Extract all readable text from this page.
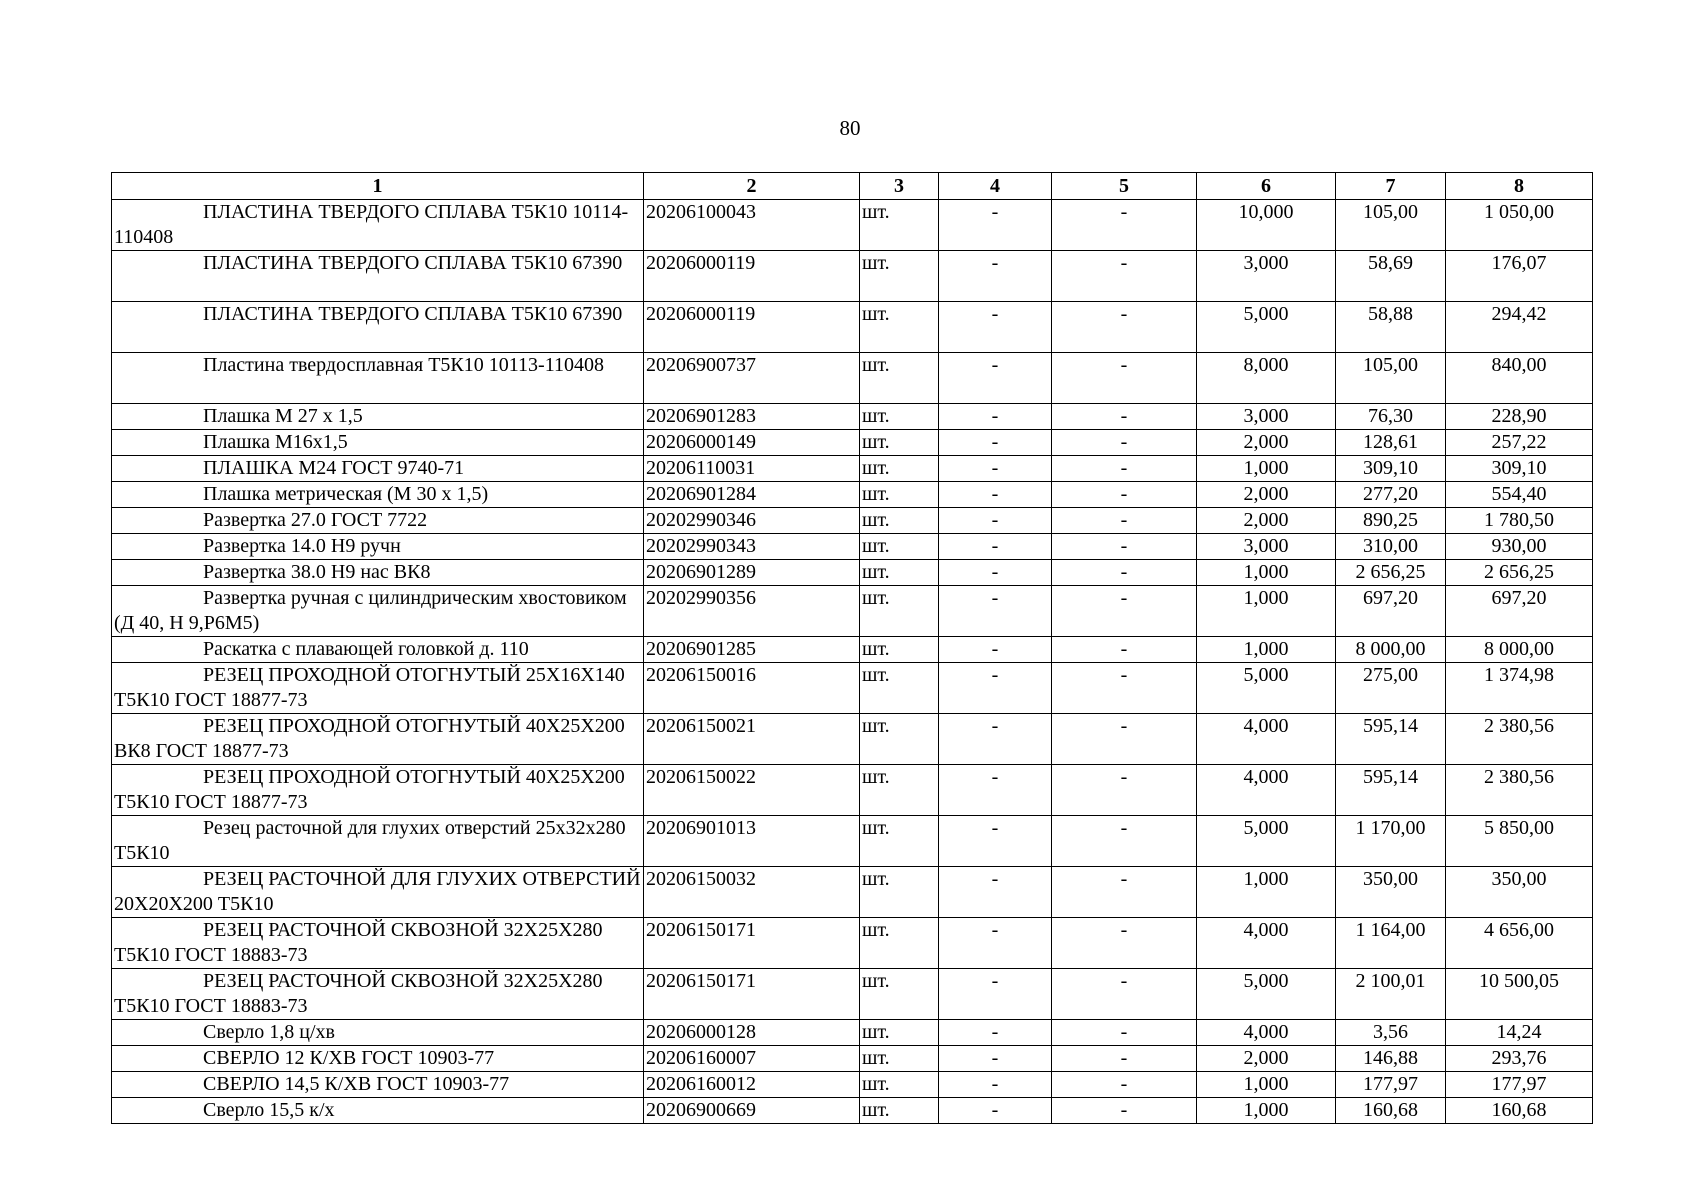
80
1	2	3	4	5	6	7	8
ПЛАСТИНА ТВЕРДОГО СПЛАВА Т5К10 10114-110408	20206100043	шт.	-	-	10,000	105,00	1 050,00
ПЛАСТИНА ТВЕРДОГО СПЛАВА Т5К10 67390	20206000119	шт.	-	-	3,000	58,69	176,07
ПЛАСТИНА ТВЕРДОГО СПЛАВА Т5К10 67390	20206000119	шт.	-	-	5,000	58,88	294,42
Пластина твердосплавная Т5К10 10113-110408	20206900737	шт.	-	-	8,000	105,00	840,00
Плашка М 27 х 1,5	20206901283	шт.	-	-	3,000	76,30	228,90
Плашка М16х1,5	20206000149	шт.	-	-	2,000	128,61	257,22
ПЛАШКА М24 ГОСТ 9740-71	20206110031	шт.	-	-	1,000	309,10	309,10
Плашка метрическая (М 30 х 1,5)	20206901284	шт.	-	-	2,000	277,20	554,40
Развертка 27.0 ГОСТ 7722	20202990346	шт.	-	-	2,000	890,25	1 780,50
Развертка 14.0 Н9 ручн	20202990343	шт.	-	-	3,000	310,00	930,00
Развертка 38.0 Н9 нас ВК8	20206901289	шт.	-	-	1,000	2 656,25	2 656,25
Развертка ручная с цилиндрическим хвостовиком (Д 40, Н 9,Р6М5)	20202990356	шт.	-	-	1,000	697,20	697,20
Раскатка с плавающей головкой д. 110	20206901285	шт.	-	-	1,000	8 000,00	8 000,00
РЕЗЕЦ ПРОХОДНОЙ ОТОГНУТЫЙ 25Х16Х140 Т5К10 ГОСТ 18877-73	20206150016	шт.	-	-	5,000	275,00	1 374,98
РЕЗЕЦ ПРОХОДНОЙ ОТОГНУТЫЙ 40Х25Х200 ВК8 ГОСТ 18877-73	20206150021	шт.	-	-	4,000	595,14	2 380,56
РЕЗЕЦ ПРОХОДНОЙ ОТОГНУТЫЙ 40Х25Х200 Т5К10 ГОСТ 18877-73	20206150022	шт.	-	-	4,000	595,14	2 380,56
Резец расточной для глухих отверстий 25х32х280 Т5К10	20206901013	шт.	-	-	5,000	1 170,00	5 850,00
РЕЗЕЦ РАСТОЧНОЙ ДЛЯ ГЛУХИХ ОТВЕРСТИЙ 20Х20Х200 Т5К10	20206150032	шт.	-	-	1,000	350,00	350,00
РЕЗЕЦ РАСТОЧНОЙ СКВОЗНОЙ 32Х25Х280 Т5К10 ГОСТ 18883-73	20206150171	шт.	-	-	4,000	1 164,00	4 656,00
РЕЗЕЦ РАСТОЧНОЙ СКВОЗНОЙ 32Х25Х280 Т5К10 ГОСТ 18883-73	20206150171	шт.	-	-	5,000	2 100,01	10 500,05
Сверло 1,8 ц/хв	20206000128	шт.	-	-	4,000	3,56	14,24
СВЕРЛО 12 К/ХВ ГОСТ 10903-77	20206160007	шт.	-	-	2,000	146,88	293,76
СВЕРЛО 14,5 К/ХВ ГОСТ 10903-77	20206160012	шт.	-	-	1,000	177,97	177,97
Сверло 15,5 к/х	20206900669	шт.	-	-	1,000	160,68	160,68
